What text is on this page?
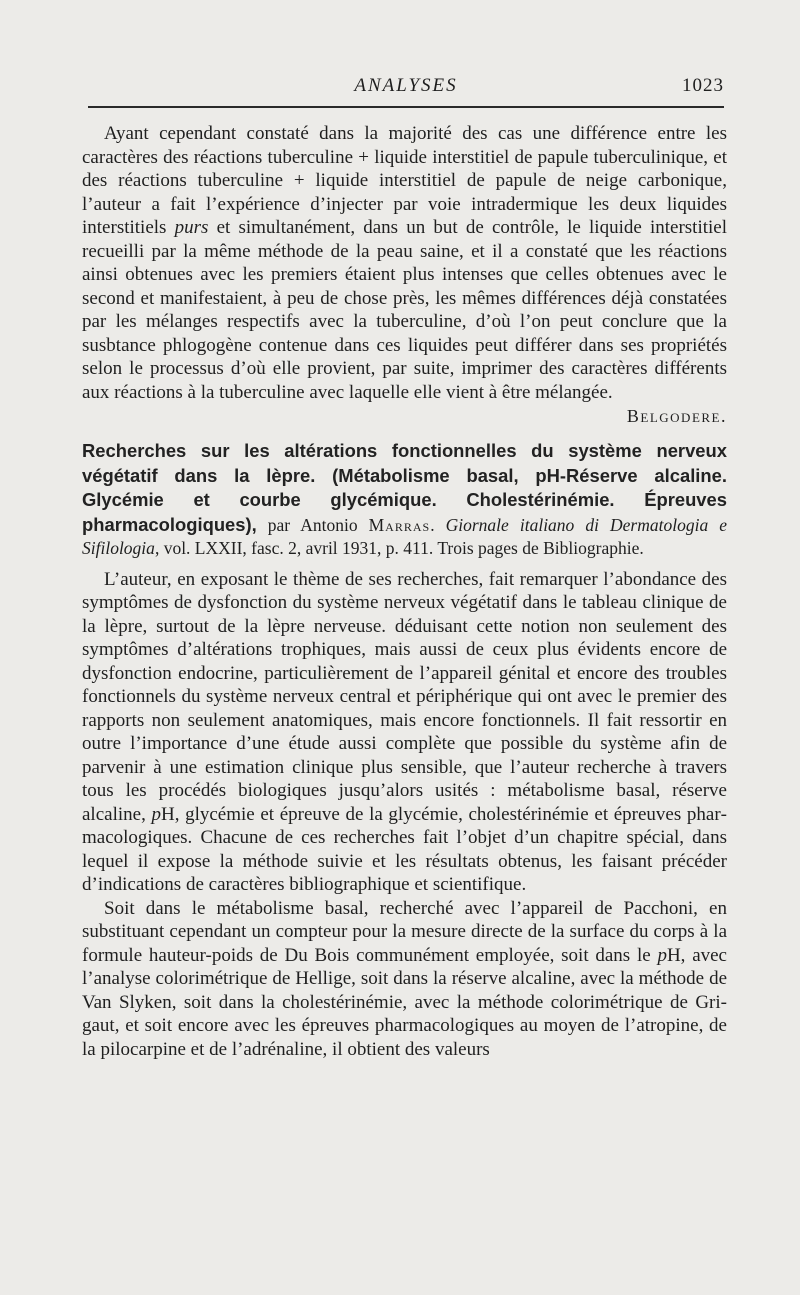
ANALYSES	1023

Ayant cependant constaté dans la majorité des cas une différence entre les caractères des réactions tuberculine + liquide interstitiel de papule tuberculinique, et des réactions tuberculine + liquide interstitiel de papule de neige carbonique, l’auteur a fait l’expérience d’injecter par voie intradermique les deux liquides interstitiels purs et simultanément, dans un but de contrôle, le liquide interstitiel recueilli par la même méthode de la peau saine, et il a constaté que les réactions ainsi obtenues avec les premiers étaient plus intenses que celles obtenues avec le second et manifestaient, à peu de chose près, les mêmes différences déjà constatées par les mélanges respectifs avec la tuberculine, d’où l’on peut conclure que la susbtance phlogogène contenue dans ces liquides peut différer dans ses propriétés selon le processus d’où elle provient, par suite, imprimer des caractères différents aux réactions à la tuberculine avec laquelle elle vient à être mélangée.

Belgodere.

Recherches sur les altérations fonctionnelles du système nerveux végétatif dans la lèpre. (Métabolisme basal, pH-Réserve alcaline. Glycémie et courbe glycémique. Cholestérinémie. Épreuves pharmacologiques), par Antonio Marras. Giornale italiano di Dermatologia e Sifilologia, vol. LXXII, fasc. 2, avril 1931, p. 411. Trois pages de Bibliographie.

L’auteur, en exposant le thème de ses recherches, fait remarquer l’abondance des symptômes de dysfonction du système nerveux végétatif dans le tableau clinique de la lèpre, surtout de la lèpre nerveuse. déduisant cette notion non seulement des symptômes d’altérations trophiques, mais aussi de ceux plus évidents encore de dysfonction endocrine, particulièrement de l’appareil génital et encore des troubles fonctionnels du système nerveux central et périphérique qui ont avec le premier des rapports non seulement anatomiques, mais encore fonctionnels. Il fait ressortir en outre l’importance d’une étude aussi complète que possible du système afin de parvenir à une estimation clinique plus sensible, que l’auteur recherche à travers tous les procédés biologiques jusqu’alors usités : métabolisme basal, réserve alcaline, pH, glycémie et épreuve de la glycémie, cholestérinémie et épreuves pharmacologiques. Chacune de ces recherches fait l’objet d’un chapitre spécial, dans lequel il expose la méthode suivie et les résultats obtenus, les faisant précéder d’indications de caractères bibliographique et scientifique.

Soit dans le métabolisme basal, recherché avec l’appareil de Pacchoni, en substituant cependant un compteur pour la mesure directe de la surface du corps à la formule hauteur-poids de Du Bois communément employée, soit dans le pH, avec l’analyse colorimétrique de Hellige, soit dans la réserve alcaline, avec la méthode de Van Slyken, soit dans la cholestérinémie, avec la méthode colorimétrique de Grigaut, et soit encore avec les épreuves pharmacologiques au moyen de l’atropine, de la pilocarpine et de l’adrénaline, il obtient des valeurs
